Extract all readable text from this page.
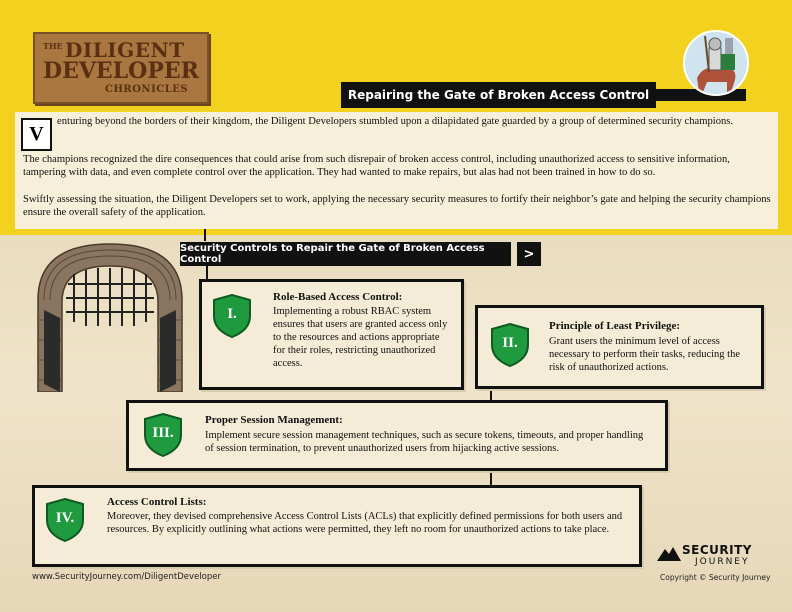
THE DILIGENT
DEVELOPER
CHRONICLES	Repairing the Gate of Broken Access Control
V

enturing beyond the borders of their kingdom, the Diligent Developers stumbled upon a dilapidated gate guarded by a group of determined security champions.

The champions recognized the dire consequences that could arise from such disrepair of broken access control, including unauthorized access to sensitive information, tampering with data, and even complete control over the application. They had wanted to make repairs, but alas had not been trained in how to do so.

Swiftly assessing the situation, the Diligent Developers set to work, applying the necessary security measures to fortify their neighbor’s gate and helping the security champions ensure the overall safety of the application.

Security Controls to Repair the Gate of Broken Access Control	>
I.
Role-Based Access Control:
Implementing a robust RBAC system ensures that users are granted access only to the resources and actions appropriate for their roles, restricting unauthorized access.
II.
Principle of Least Privilege:
Grant users the minimum level of access necessary to perform their tasks, reducing the risk of unauthorized actions.
III.
Proper Session Management:
Implement secure session management techniques, such as secure tokens, timeouts, and proper handling of session termination, to prevent unauthorized users from hijacking active sessions.
IV.
Access Control Lists:
Moreover, they devised comprehensive Access Control Lists (ACLs) that explicitly defined permissions for both users and resources. By explicitly outlining what actions were permitted, they left no room for unauthorized actions to take place.
www.SecurityJourney.com/DiligentDeveloper
SECURITY
JOURNEY
Copyright © Security Journey
